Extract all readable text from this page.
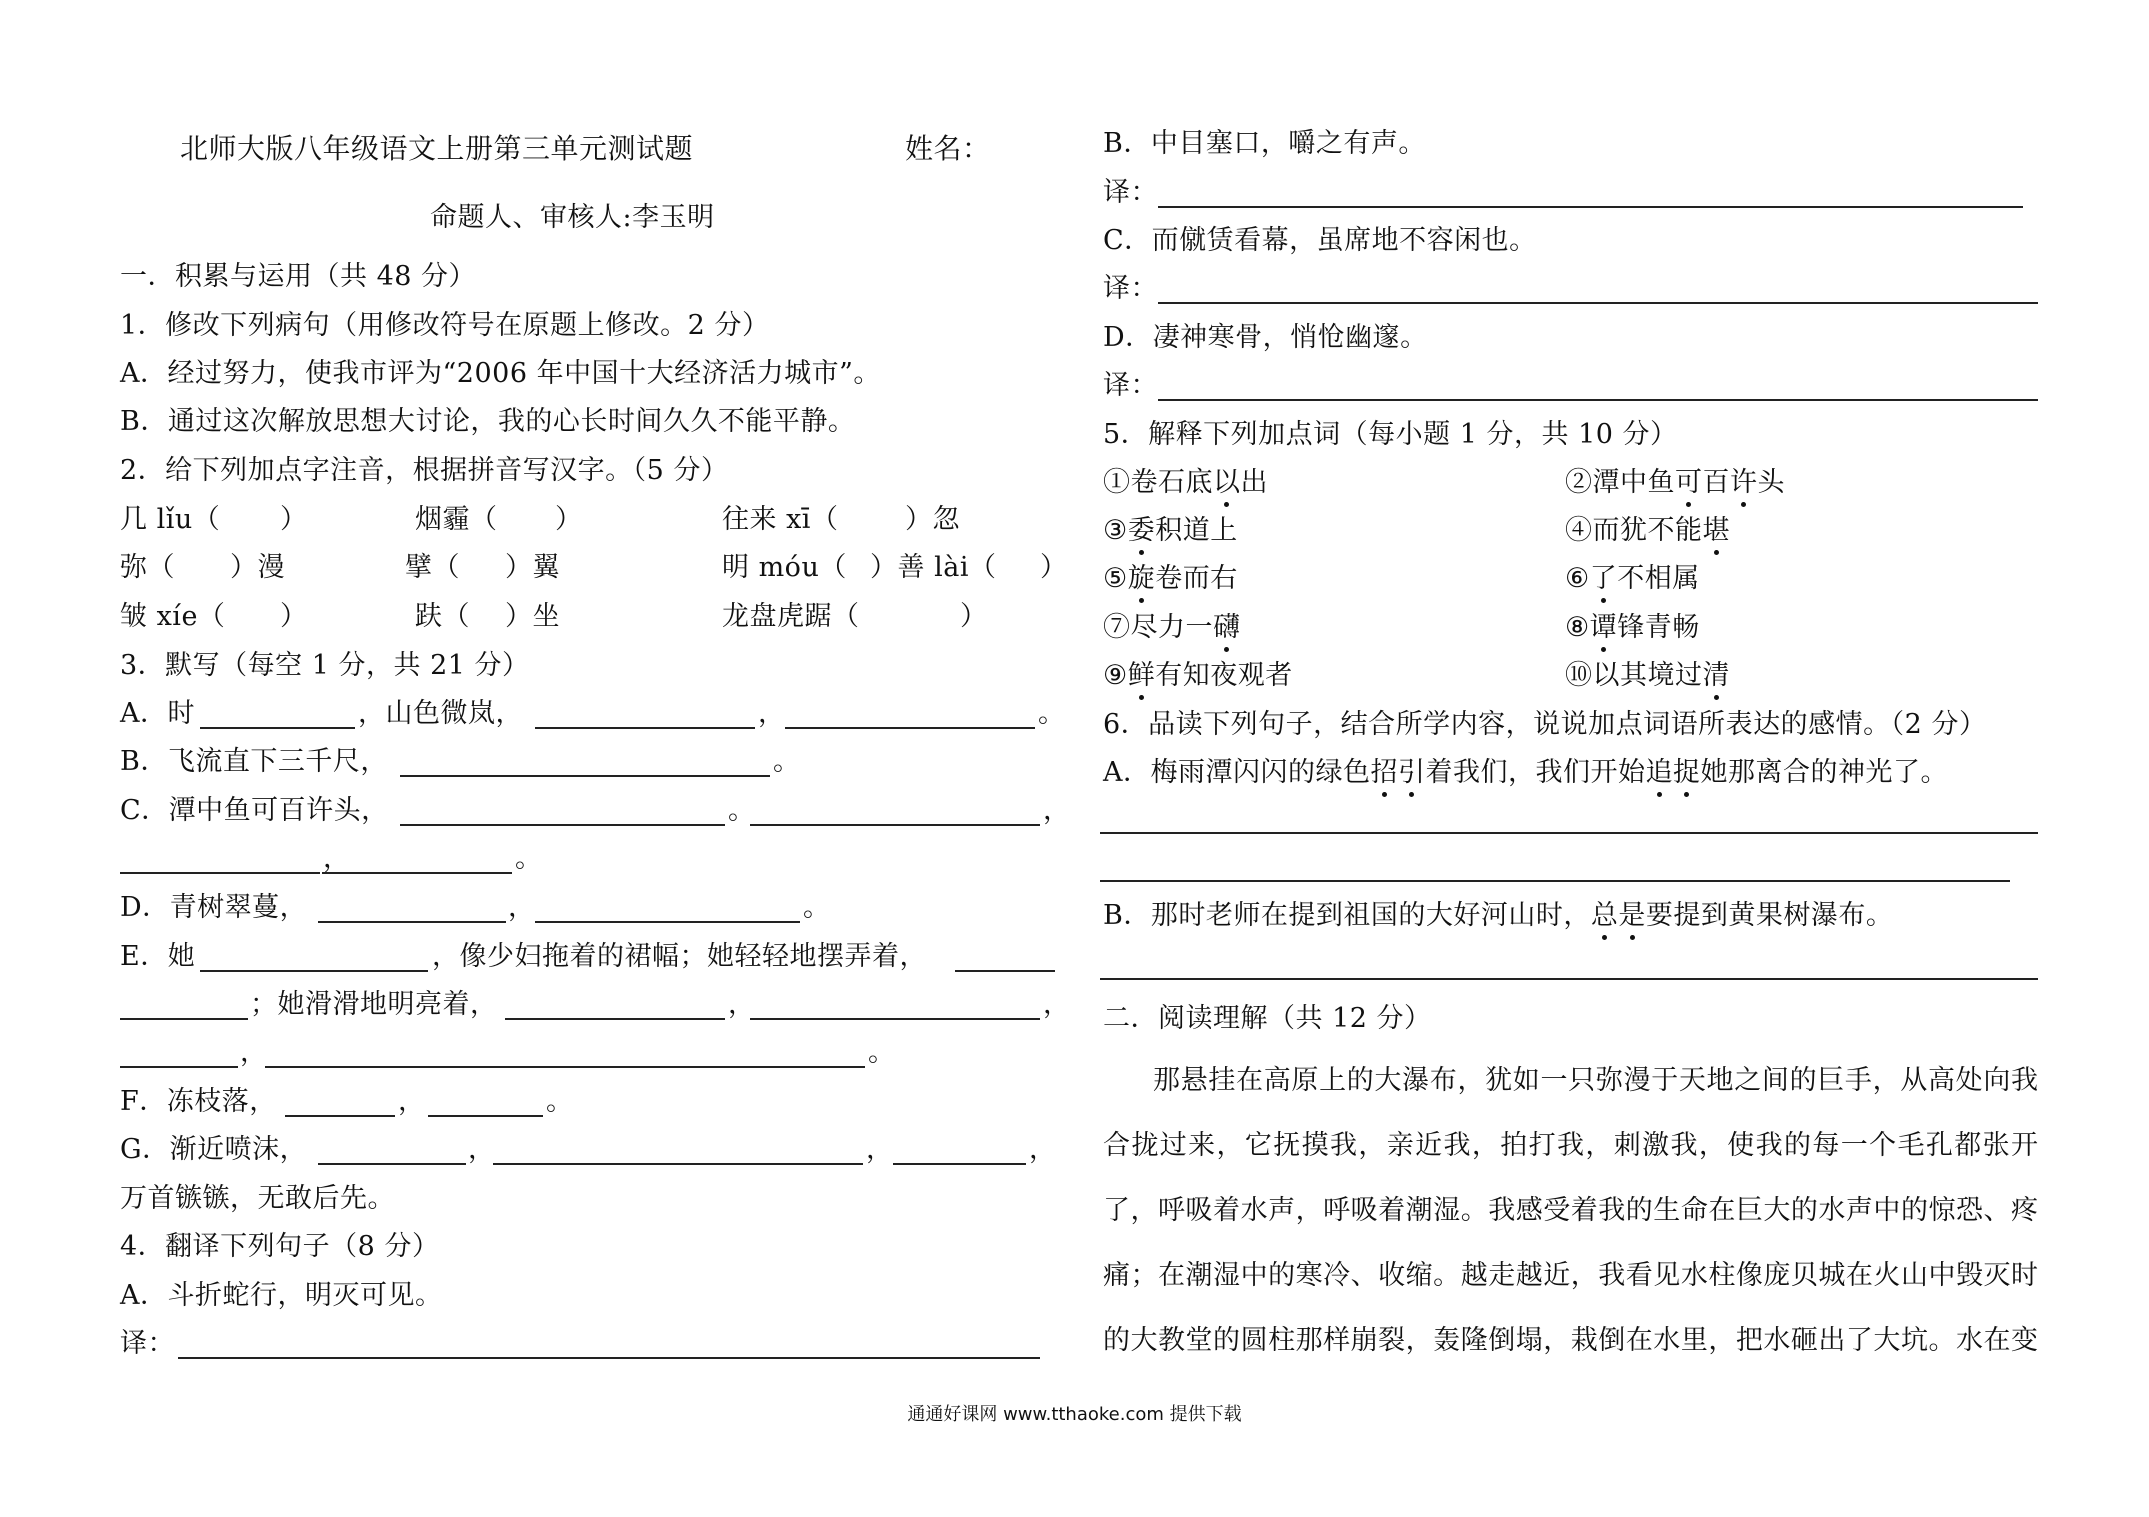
北师大版八年级语文上册第三单元测试题	姓名：
命题人、审核人:李玉明
一．积累与运用（共 48 分）
1．修改下列病句（用修改符号在原题上修改。2 分）
A．经过努力，使我市评为“2006 年中国十大经济活力城市”。
B．通过这次解放思想大讨论，我的心长时间久久不能平静。
2．给下列加点字注音，根据拼音写汉字。（5 分）
几 lǐu（ ）	烟霾（ ）	往来 xī（ ）忽
弥（ ）漫	擘（ ）翼	明 móu（ ）善 lài（ ）
皱 xíe（ ）	趺（ ）坐	龙盘虎踞（	）
3．默写（每空 1 分，共 21 分）
A．时	，山色微岚，	，	。
B．飞流直下三千尺，	。
C．潭中鱼可百许头，	。	，
，	。
D．青树翠蔓，	，	。
E．她	，像少妇拖着的裙幅；她轻轻地摆弄着，
；她滑滑地明亮着，	，	，
，	。
F．冻枝落，	，	。
G．渐近喷沫，	，	，	，
万首镞镞，无敢后先。
4．翻译下列句子（8 分）
A．斗折蛇行，明灭可见。
译：
B．中目塞口，嚼之有声。
译：
C．而僦赁看幕，虽席地不容闲也。
译：
D．凄神寒骨，悄怆幽邃。
译：
5．解释下列加点词（每小题 1 分，共 10 分）
①卷石底以出	②潭中鱼可百许头
③委积道上	④而犹不能堪
⑤旋卷而右	⑥了不相属
⑦尽力一礴	⑧谭锋青畅
⑨鲜有知夜观者	⑩以其境过清
6．品读下列句子，结合所学内容，说说加点词语所表达的感情。（2 分）
A．梅雨潭闪闪的绿色招引着我们，我们开始追捉她那离合的神光了。
B．那时老师在提到祖国的大好河山时，总是要提到黄果树瀑布。
二．阅读理解（共 12 分）
那悬挂在高原上的大瀑布，犹如一只弥漫于天地之间的巨手，从高处向我合拢过来，它抚摸我，亲近我，拍打我，刺激我，使我的每一个毛孔都张开了，呼吸着水声，呼吸着潮湿。我感受着我的生命在巨大的水声中的惊恐、疼痛；在潮湿中的寒冷、收缩。越走越近，我看见水柱像庞贝城在火山中毁灭时的大教堂的圆柱那样崩裂，轰隆倒塌，栽倒在水里，把水砸出了大坑。水在变
通通好课网 www.tthaoke.com 提供下载
